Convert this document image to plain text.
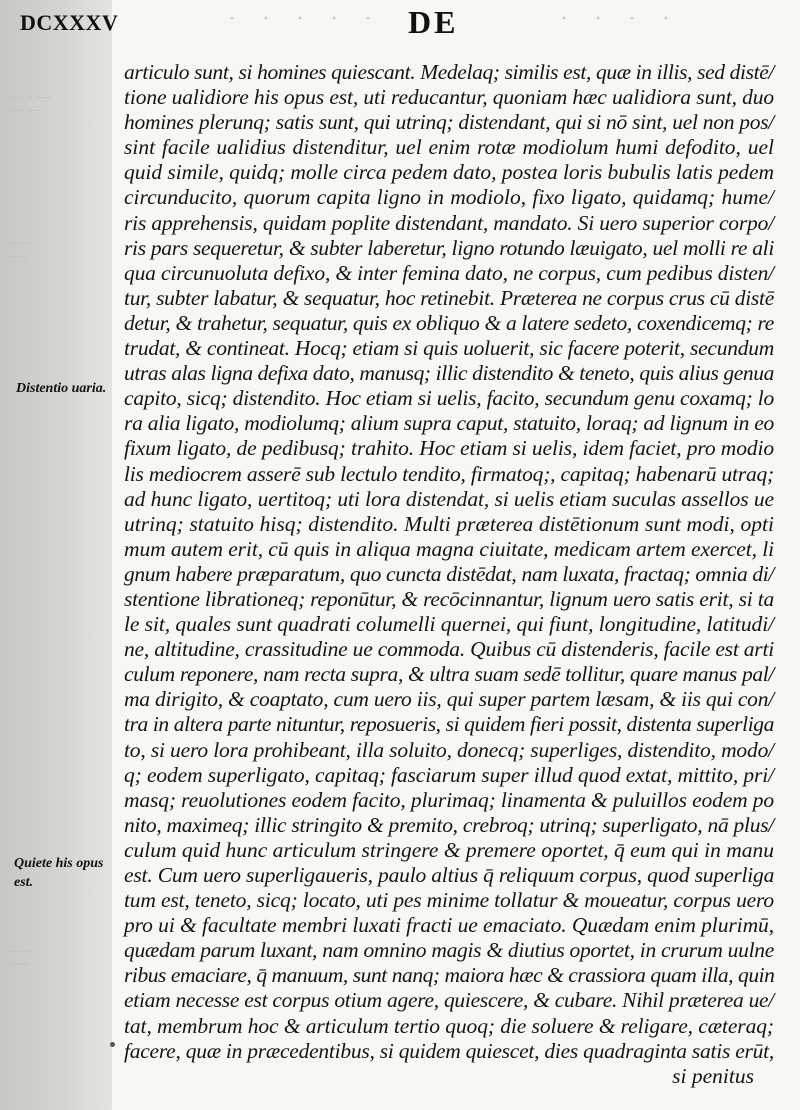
······ ·· ······
······ ·····
·········
·······
······· ·
········
· · · · ·	· · · ·
DCXXXV	DE
Distentio uaria.
Quiete his opus
est.
articulo sunt, si homines quiescant. Medelaq; similis est, quæ in illis, sed distē/
tione ualidiore his opus est, uti reducantur, quoniam hæc ualidiora sunt, duo
homines plerunq; satis sunt, qui utrinq; distendant, qui si nō sint, uel non pos/
sint facile ualidius distenditur, uel enim rotæ modiolum humi defodito, uel
quid simile, quidq; molle circa pedem dato, postea loris bubulis latis pedem
circunducito, quorum capita ligno in modiolo, fixo ligato, quidamq; hume/
ris apprehensis, quidam poplite distendant, mandato. Si uero superior corpo/
ris pars sequeretur, & subter laberetur, ligno rotundo læuigato, uel molli re ali
qua circunuoluta defixo, & inter femina dato, ne corpus, cum pedibus disten/
tur, subter labatur, & sequatur, hoc retinebit. Præterea ne corpus crus cū distē
detur, & trahetur, sequatur, quis ex obliquo & a latere sedeto, coxendicemq; re
trudat, & contineat. Hocq; etiam si quis uoluerit, sic facere poterit, secundum
utras alas ligna defixa dato, manusq; illic distendito & teneto, quis alius genua
capito, sicq; distendito. Hoc etiam si uelis, facito, secundum genu coxamq; lo
ra alia ligato, modiolumq; alium supra caput, statuito, loraq; ad lignum in eo
fixum ligato, de pedibusq; trahito. Hoc etiam si uelis, idem faciet, pro modio
lis mediocrem asserē sub lectulo tendito, firmatoq;, capitaq; habenarū utraq;
ad hunc ligato, uertitoq; uti lora distendat, si uelis etiam suculas assellos ue
utrinq; statuito hisq; distendito. Multi præterea distētionum sunt modi, opti
mum autem erit, cū quis in aliqua magna ciuitate, medicam artem exercet, li
gnum habere præparatum, quo cuncta distēdat, nam luxata, fractaq; omnia di/
stentione librationeq; reponūtur, & recōcinnantur, lignum uero satis erit, si ta
le sit, quales sunt quadrati columelli quernei, qui fiunt, longitudine, latitudi/
ne, altitudine, crassitudine ue commoda. Quibus cū distenderis, facile est arti
culum reponere, nam recta supra, & ultra suam sedē tollitur, quare manus pal/
ma dirigito, & coaptato, cum uero iis, qui super partem læsam, & iis qui con/
tra in altera parte nituntur, reposueris, si quidem fieri possit, distenta superliga
to, si uero lora prohibeant, illa soluito, donecq; superliges, distendito, modo/
q; eodem superligato, capitaq; fasciarum super illud quod extat, mittito, pri/
masq; reuolutiones eodem facito, plurimaq; linamenta & puluillos eodem po
nito, maximeq; illic stringito & premito, crebroq; utrinq; superligato, nā plus/
culum quid hunc articulum stringere & premere oportet, q̄ eum qui in manu
est. Cum uero superligaueris, paulo altius q̄ reliquum corpus, quod superliga
tum est, teneto, sicq; locato, uti pes minime tollatur & moueatur, corpus uero
pro ui & facultate membri luxati fracti ue emaciato. Quædam enim plurimū,
quædam parum luxant, nam omnino magis & diutius oportet, in crurum uulne
ribus emaciare, q̄ manuum, sunt nanq; maiora hæc & crassiora quam illa, quin
etiam necesse est corpus otium agere, quiescere, & cubare. Nihil præterea ue/
tat, membrum hoc & articulum tertio quoq; die soluere & religare, cæteraq;
facere, quæ in præcedentibus, si quidem quiescet, dies quadraginta satis erūt,
si penitus
